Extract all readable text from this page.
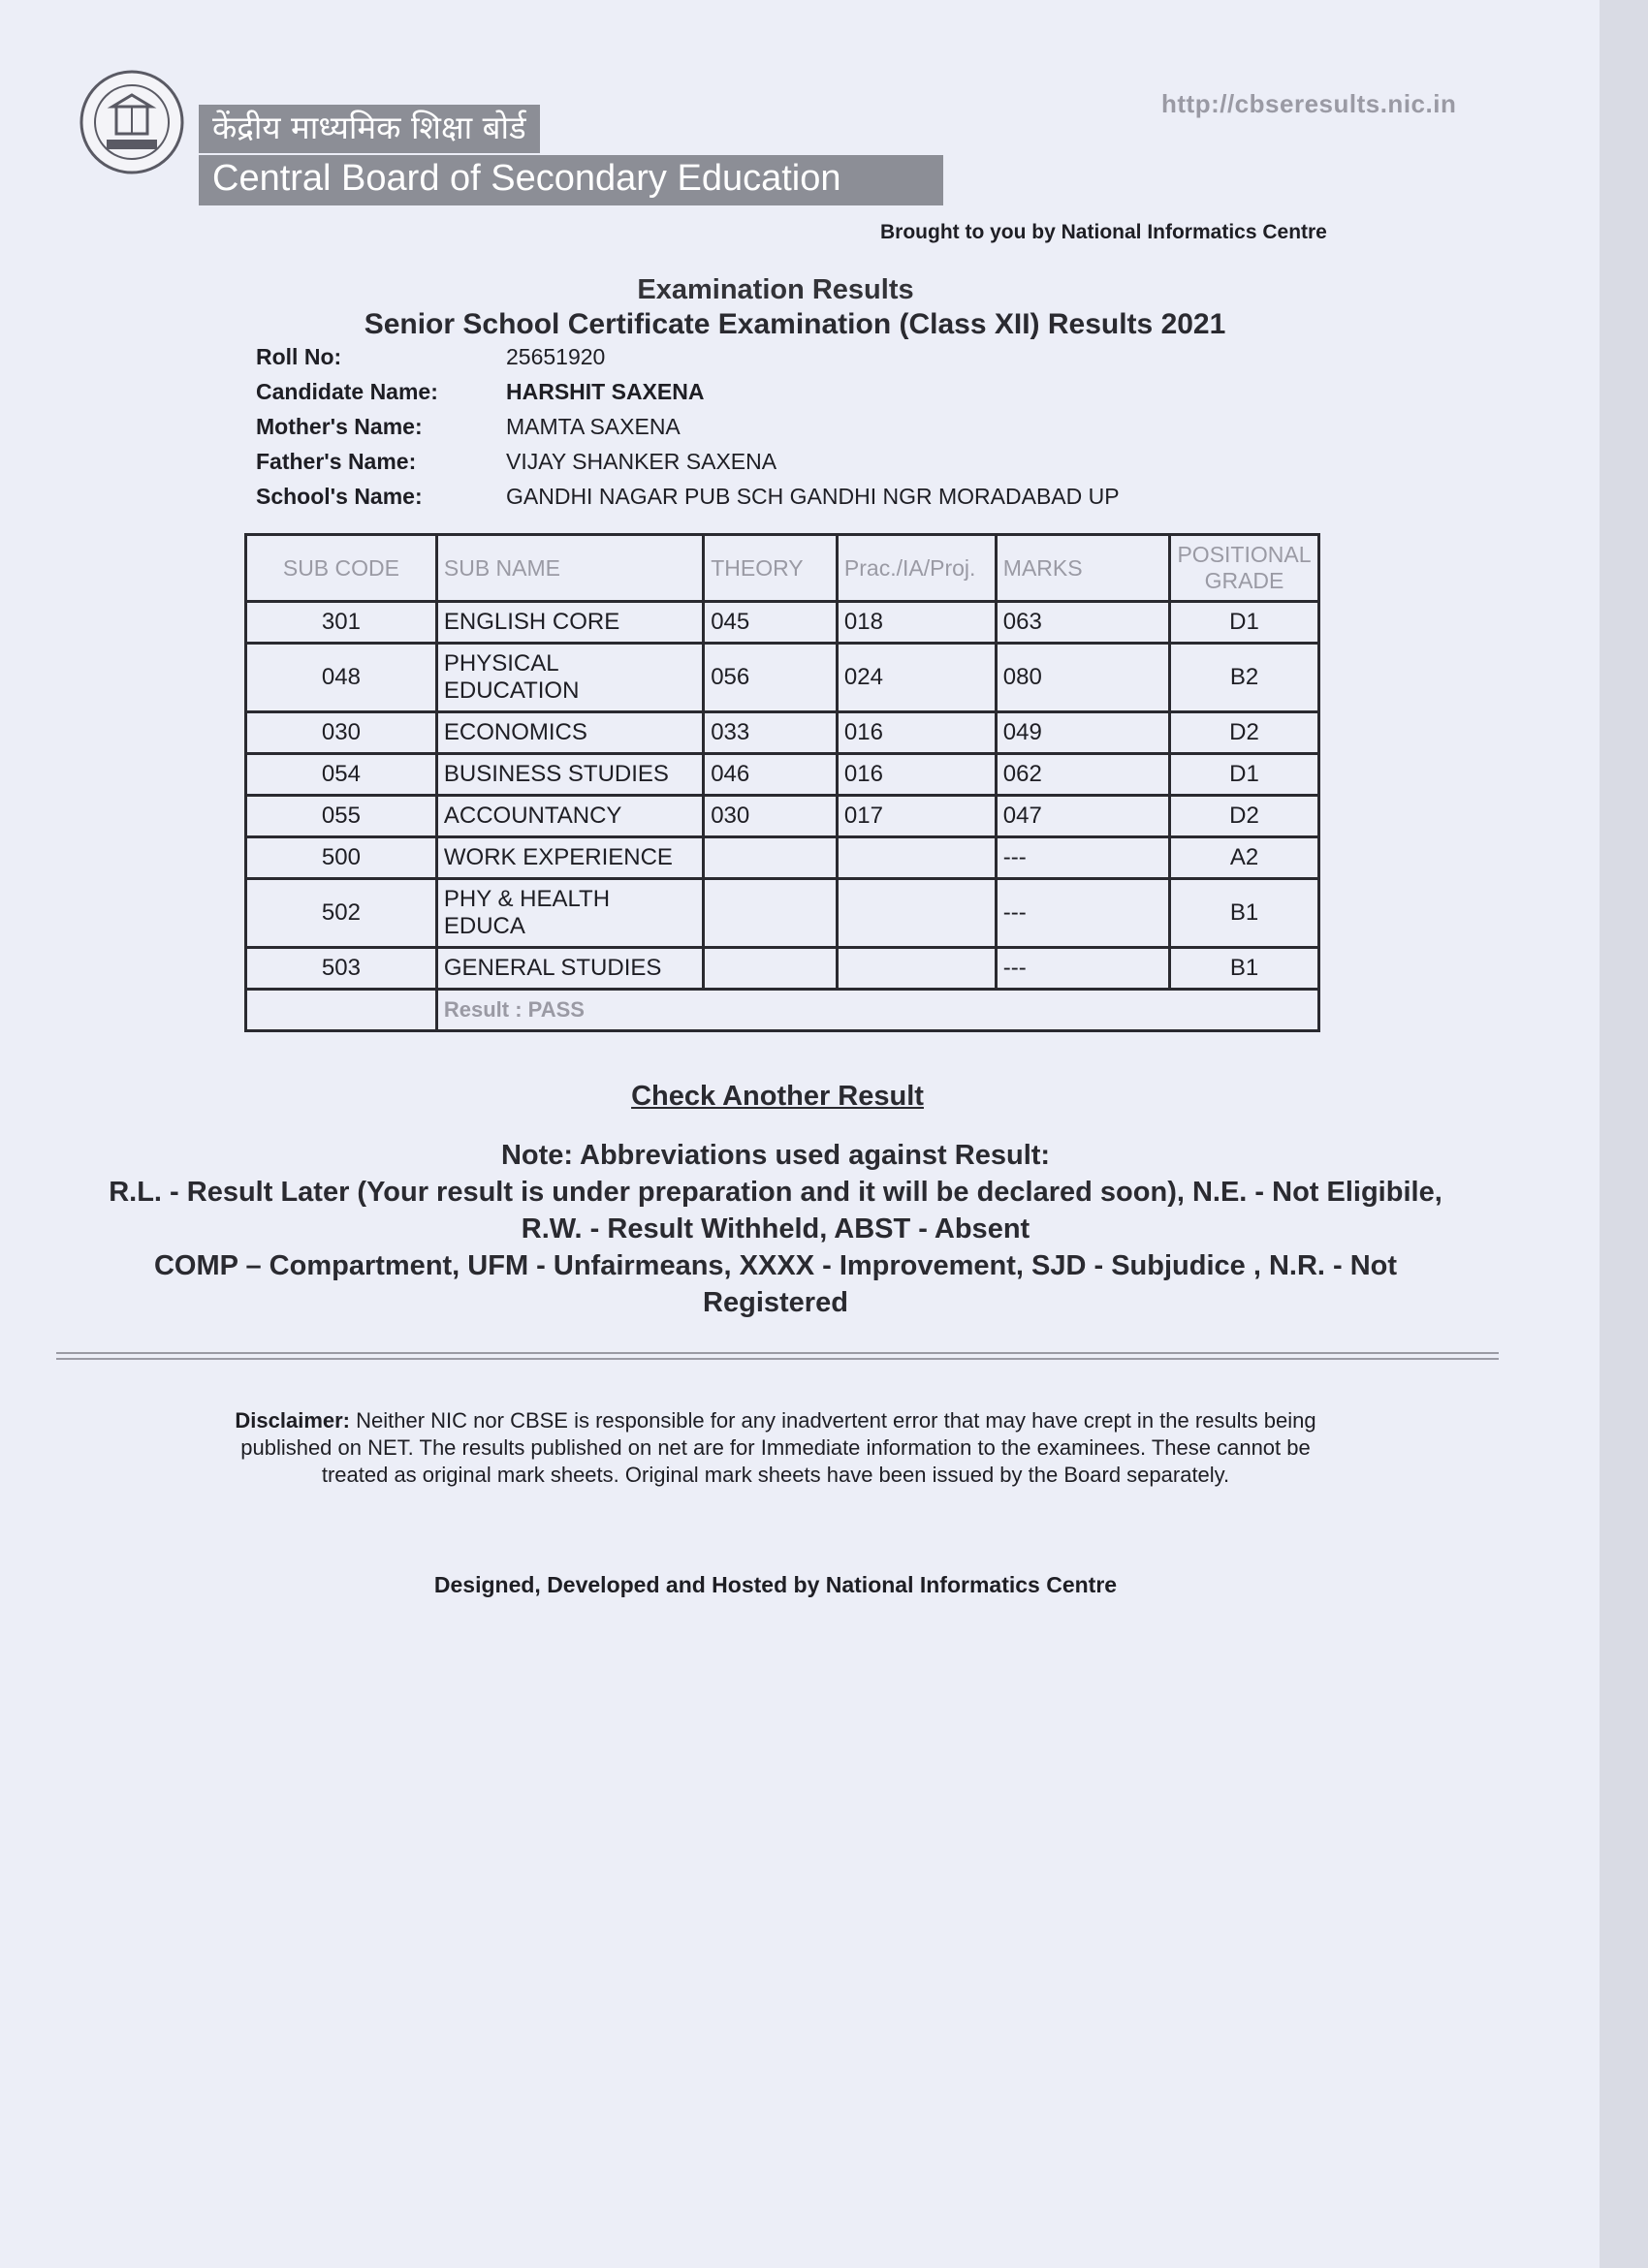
केंद्रीय माध्यमिक शिक्षा बोर्ड
Central Board of Secondary Education
http://cbseresults.nic.in
Brought to you by National Informatics Centre
Examination Results
Senior School Certificate Examination (Class XII) Results 2021
Roll No:	25651920
Candidate Name:	HARSHIT SAXENA
Mother's Name:	MAMTA SAXENA
Father's Name:	VIJAY SHANKER SAXENA
School's Name:	GANDHI NAGAR PUB SCH GANDHI NGR MORADABAD UP
SUB CODE	SUB NAME	THEORY	Prac./IA/Proj.	MARKS	POSITIONAL GRADE
301	ENGLISH CORE	045	018	063	D1
048	PHYSICAL EDUCATION	056	024	080	B2
030	ECONOMICS	033	016	049	D2
054	BUSINESS STUDIES	046	016	062	D1
055	ACCOUNTANCY	030	017	047	D2
500	WORK EXPERIENCE			---	A2
502	PHY & HEALTH EDUCA			---	B1
503	GENERAL STUDIES			---	B1
	Result : PASS				
Check Another Result
Note: Abbreviations used against Result:
R.L. - Result Later (Your result is under preparation and it will be declared soon), N.E. - Not Eligibile,
R.W. - Result Withheld, ABST - Absent
COMP – Compartment, UFM - Unfairmeans, XXXX - Improvement, SJD - Subjudice , N.R. - Not Registered
Disclaimer: Neither NIC nor CBSE is responsible for any inadvertent error that may have crept in the results being published on NET. The results published on net are for Immediate information to the examinees. These cannot be treated as original mark sheets. Original mark sheets have been issued by the Board separately.
Designed, Developed and Hosted by National Informatics Centre
